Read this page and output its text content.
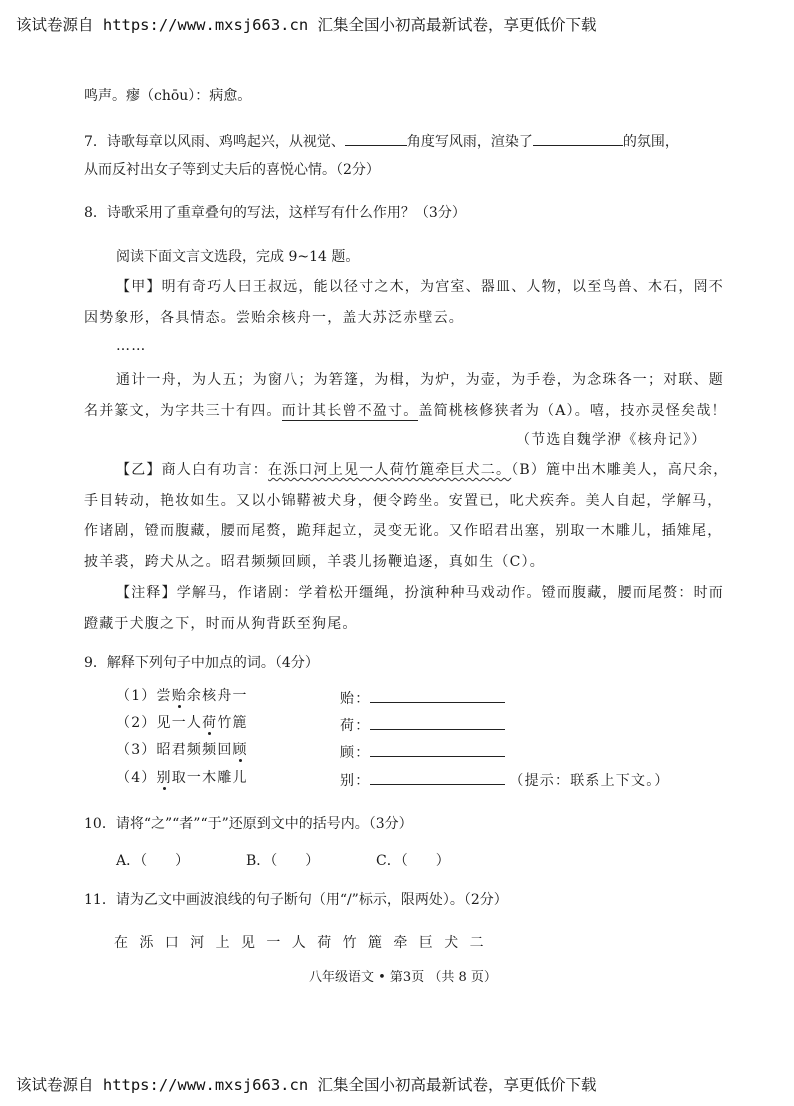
该试卷源自 https://www.mxsj663.cn 汇集全国小初高最新试卷，享更低价下载
鸣声。瘳（chōu）：病愈。
7．诗歌每章以风雨、鸡鸣起兴，从视觉、	角度写风雨，渲染了	的氛围，
从而反衬出女子等到丈夫后的喜悦心情。（2分）
8．诗歌采用了重章叠句的写法，这样写有什么作用？（3分）
阅读下面文言文选段，完成 9~14 题。
【甲】明有奇巧人曰王叔远，能以径寸之木，为宫室、器皿、人物，以至鸟兽、木石，罔不
因势象形，各具情态。尝贻余核舟一，盖大苏泛赤壁云。
……
通计一舟，为人五；为窗八；为箬篷，为楫，为炉，为壶，为手卷，为念珠各一；对联、题
名并篆文，为字共三十有四。而计其长曾不盈寸。盖简桃核修狭者为（A）。嘻，技亦灵怪矣哉！
（节选自魏学洢《核舟记》）
【乙】商人白有功言：在泺口河上见一人荷竹簏牵巨犬二。（B）簏中出木雕美人，高尺余，
手目转动，艳妆如生。又以小锦鞯被犬身，便令跨坐。安置已，叱犬疾奔。美人自起，学解马，
作诸剧，镫而腹藏，腰而尾赘，跪拜起立，灵变无讹。又作昭君出塞，别取一木雕儿，插雉尾，
披羊裘，跨犬从之。昭君频频回顾，羊裘儿扬鞭追逐，真如生（C）。
【注释】学解马，作诸剧：学着松开缰绳，扮演种种马戏动作。镫而腹藏，腰而尾赘：时而
蹬藏于犬腹之下，时而从狗背跃至狗尾。
9．解释下列句子中加点的词。（4分）
（1）尝贻余核舟一	贻：
（2）见一人荷竹簏	荷：
（3）昭君频频回顾	顾：
（4）别取一木雕儿	别：	（提示：联系上下文。）
10．请将“之”“者”“于”还原到文中的括号内。（3分）
A．（　　）	B．（　　）	C．（　　）
11．请为乙文中画波浪线的句子断句（用“/”标示，限两处）。（2分）
在泺口河上见一人荷竹簏牵巨犬二
八年级语文 • 第3页 （共 8 页）
该试卷源自 https://www.mxsj663.cn 汇集全国小初高最新试卷，享更低价下载
